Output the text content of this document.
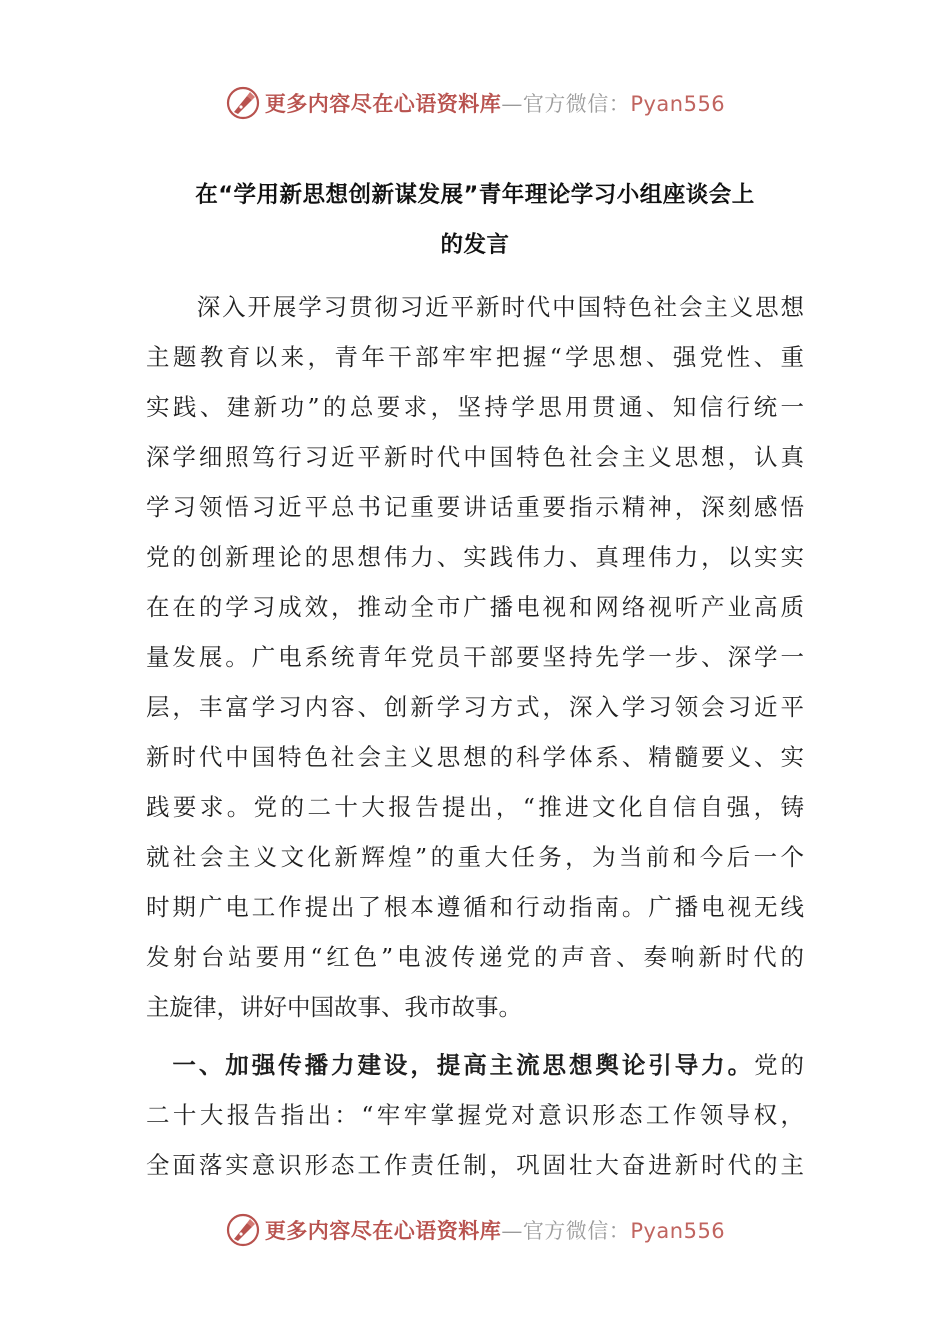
更多内容尽在心语资料库—官方微信：Pyan556
在“学用新思想创新谋发展”青年理论学习小组座谈会上
的发言

　　深入开展学习贯彻习近平新时代中国特色社会主义思想
主题教育以来，青年干部牢牢把握“学思想、强党性、重
实践、建新功”的总要求，坚持学思用贯通、知信行统一
深学细照笃行习近平新时代中国特色社会主义思想，认真
学习领悟习近平总书记重要讲话重要指示精神，深刻感悟
党的创新理论的思想伟力、实践伟力、真理伟力，以实实
在在的学习成效，推动全市广播电视和网络视听产业高质
量发展。广电系统青年党员干部要坚持先学一步、深学一
层，丰富学习内容、创新学习方式，深入学习领会习近平
新时代中国特色社会主义思想的科学体系、精髓要义、实
践要求。党的二十大报告提出，“推进文化自信自强，铸
就社会主义文化新辉煌”的重大任务，为当前和今后一个
时期广电工作提出了根本遵循和行动指南。广播电视无线
发射台站要用“红色”电波传递党的声音、奏响新时代的
主旋律，讲好中国故事、我市故事。

　一、加强传播力建设，提高主流思想舆论引导力。党的
二十大报告指出：“牢牢掌握党对意识形态工作领导权，
全面落实意识形态工作责任制，巩固壮大奋进新时代的主

更多内容尽在心语资料库—官方微信：Pyan556
